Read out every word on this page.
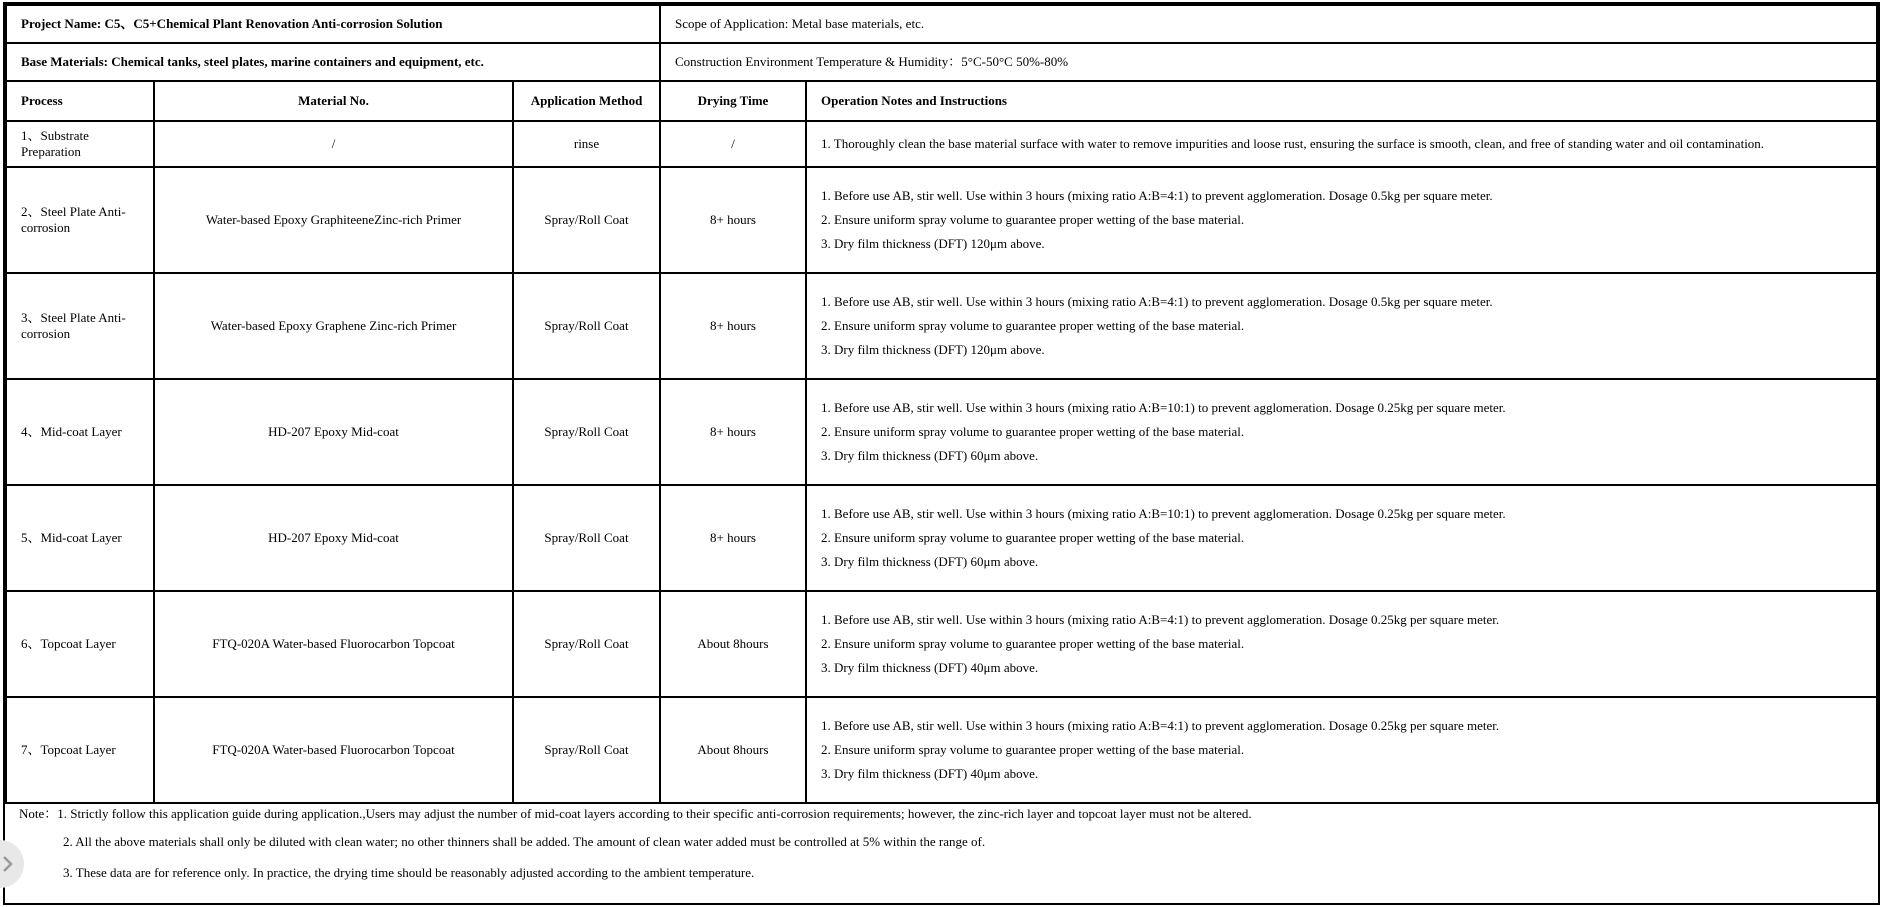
Project Name: C5、C5+Chemical Plant Renovation Anti-corrosion Solution			Scope of Application: Metal base materials, etc.	
Base Materials: Chemical tanks, steel plates, marine containers and equipment, etc.			Construction Environment Temperature & Humidity：5°C-50°C 50%-80%	
Process	Material No.	Application Method	Drying Time	Operation Notes and Instructions
1、Substrate Preparation	/	rinse	/	1. Thoroughly clean the base material surface with water to remove impurities and loose rust, ensuring the surface is smooth, clean, and free of standing water and oil contamination.

2、Steel Plate Anti-corrosion	Water-based Epoxy GraphiteeneZinc-rich Primer	Spray/Roll Coat	8+ hours	1. Before use AB, stir well. Use within 3 hours (mixing ratio A:B=4:1) to prevent agglomeration. Dosage 0.5kg per square meter.
2. Ensure uniform spray volume to guarantee proper wetting of the base material.
3. Dry film thickness (DFT) 120μm above.

3、Steel Plate Anti-corrosion	Water-based Epoxy Graphene Zinc-rich Primer	Spray/Roll Coat	8+ hours	1. Before use AB, stir well. Use within 3 hours (mixing ratio A:B=4:1) to prevent agglomeration. Dosage 0.5kg per square meter.
2. Ensure uniform spray volume to guarantee proper wetting of the base material.
3. Dry film thickness (DFT) 120μm above.

4、Mid-coat Layer	HD-207 Epoxy Mid-coat	Spray/Roll Coat	8+ hours	1. Before use AB, stir well. Use within 3 hours (mixing ratio A:B=10:1) to prevent agglomeration. Dosage 0.25kg per square meter.
2. Ensure uniform spray volume to guarantee proper wetting of the base material.
3. Dry film thickness (DFT) 60μm above.

5、Mid-coat Layer	HD-207 Epoxy Mid-coat	Spray/Roll Coat	8+ hours	1. Before use AB, stir well. Use within 3 hours (mixing ratio A:B=10:1) to prevent agglomeration. Dosage 0.25kg per square meter.
2. Ensure uniform spray volume to guarantee proper wetting of the base material.
3. Dry film thickness (DFT) 60μm above.

6、Topcoat Layer	FTQ-020A Water-based Fluorocarbon Topcoat	Spray/Roll Coat	About 8hours	1. Before use AB, stir well. Use within 3 hours (mixing ratio A:B=4:1) to prevent agglomeration. Dosage 0.25kg per square meter.
2. Ensure uniform spray volume to guarantee proper wetting of the base material.
3. Dry film thickness (DFT) 40μm above.

7、Topcoat Layer	FTQ-020A Water-based Fluorocarbon Topcoat	Spray/Roll Coat	About 8hours	1. Before use AB, stir well. Use within 3 hours (mixing ratio A:B=4:1) to prevent agglomeration. Dosage 0.25kg per square meter.
2. Ensure uniform spray volume to guarantee proper wetting of the base material.
3. Dry film thickness (DFT) 40μm above.
Note：1. Strictly follow this application guide during application.,Users may adjust the number of mid-coat layers according to their specific anti-corrosion requirements; however, the zinc-rich layer and topcoat layer must not be altered.
2. All the above materials shall only be diluted with clean water; no other thinners shall be added. The amount of clean water added must be controlled at 5% within the range of.
3. These data are for reference only. In practice, the drying time should be reasonably adjusted according to the ambient temperature.
